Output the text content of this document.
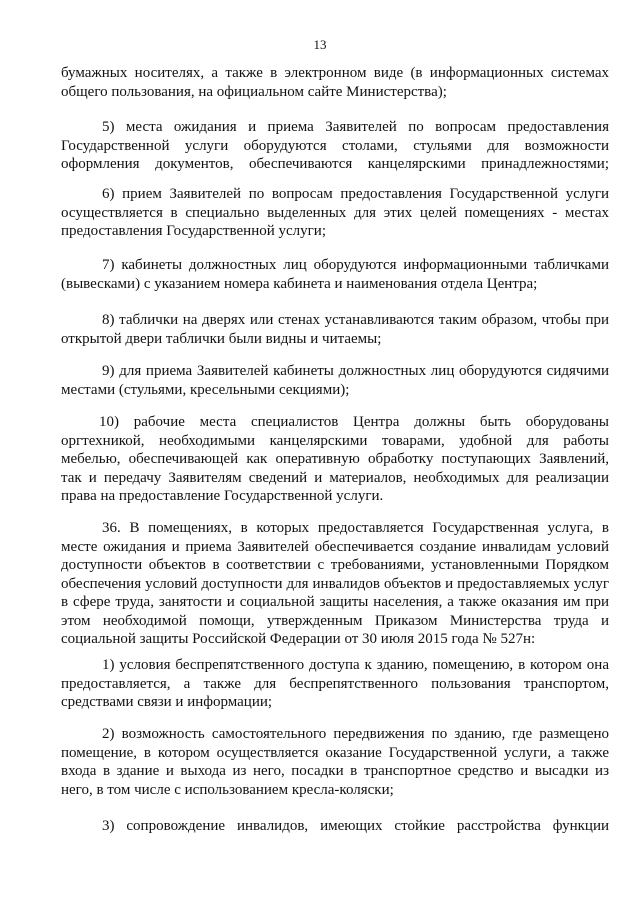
13
бумажных носителях, а также в электронном виде (в информационных системах
общего пользования, на официальном сайте Министерства);
5) места ожидания и приема Заявителей по вопросам предоставления
Государственной услуги оборудуются столами, стульями для возможности
оформления документов, обеспечиваются канцелярскими принадлежностями;
6) прием Заявителей по вопросам предоставления Государственной услуги
осуществляется в специально выделенных для этих целей помещениях - местах
предоставления Государственной услуги;
7) кабинеты должностных лиц оборудуются информационными табличками
(вывесками) с указанием номера кабинета и наименования отдела Центра;
8) таблички на дверях или стенах устанавливаются таким образом, чтобы при
открытой двери таблички были видны и читаемы;
9) для приема Заявителей кабинеты должностных лиц оборудуются сидячими
местами (стульями, кресельными секциями);
10) рабочие места специалистов Центра должны быть оборудованы
оргтехникой, необходимыми канцелярскими товарами, удобной для работы
мебелью, обеспечивающей как оперативную обработку поступающих Заявлений,
так и передачу Заявителям сведений и материалов, необходимых для реализации
права на предоставление Государственной услуги.
36. В помещениях, в которых предоставляется Государственная услуга, в
месте ожидания и приема Заявителей обеспечивается создание инвалидам условий
доступности объектов в соответствии с требованиями, установленными Порядком
обеспечения условий доступности для инвалидов объектов и предоставляемых услуг
в сфере труда, занятости и социальной защиты населения, а также оказания им при
этом необходимой помощи, утвержденным Приказом Министерства труда и
социальной защиты Российской Федерации от 30 июля 2015 года № 527н:
1) условия беспрепятственного доступа к зданию, помещению, в котором она
предоставляется, а также для беспрепятственного пользования транспортом,
средствами связи и информации;
2) возможность самостоятельного передвижения по зданию, где размещено
помещение, в котором осуществляется оказание Государственной услуги, а также
входа в здание и выхода из него, посадки в транспортное средство и высадки из
него, в том числе с использованием кресла-коляски;
3) сопровождение инвалидов, имеющих стойкие расстройства функции
